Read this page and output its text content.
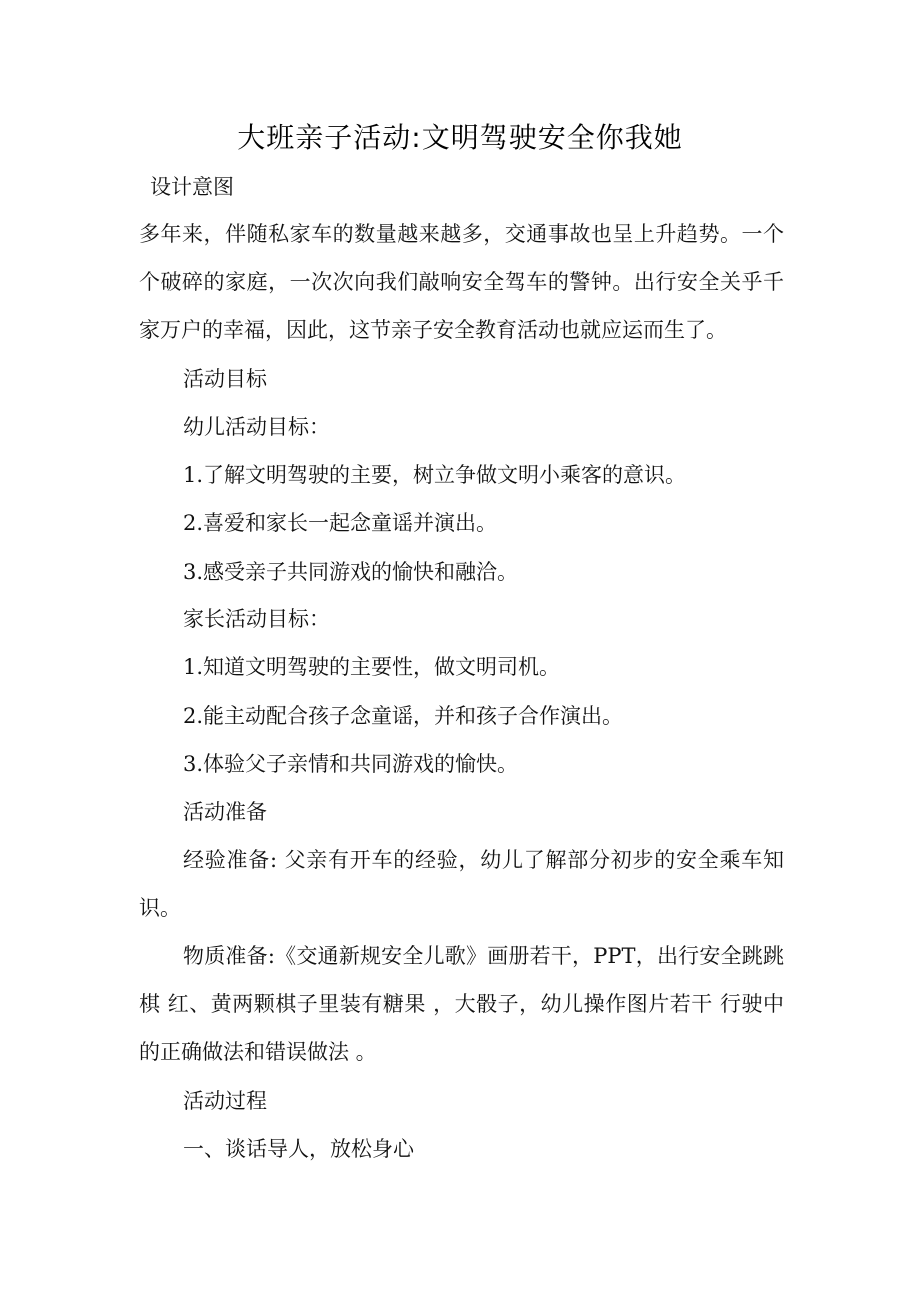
大班亲子活动:文明驾驶安全你我她
设计意图
多年来，伴随私家车的数量越来越多，交通事故也呈上升趋势。一个个破碎的家庭，一次次向我们敲响安全驾车的警钟。出行安全关乎千家万户的幸福，因此，这节亲子安全教育活动也就应运而生了。
活动目标
幼儿活动目标：
1.了解文明驾驶的主要，树立争做文明小乘客的意识。
2.喜爱和家长一起念童谣并演出。
3.感受亲子共同游戏的愉快和融洽。
家长活动目标：
1.知道文明驾驶的主要性，做文明司机。
2.能主动配合孩子念童谣，并和孩子合作演出。
3.体验父子亲情和共同游戏的愉快。
活动准备
经验准备: 父亲有开车的经验，幼儿了解部分初步的安全乘车知识。
物质准备:《交通新规安全儿歌》画册若干，PPT，出行安全跳跳棋 红、黄两颗棋子里装有糖果 ，大骰子，幼儿操作图片若干 行驶中的正确做法和错误做法 。
活动过程
一、谈话导人，放松身心
